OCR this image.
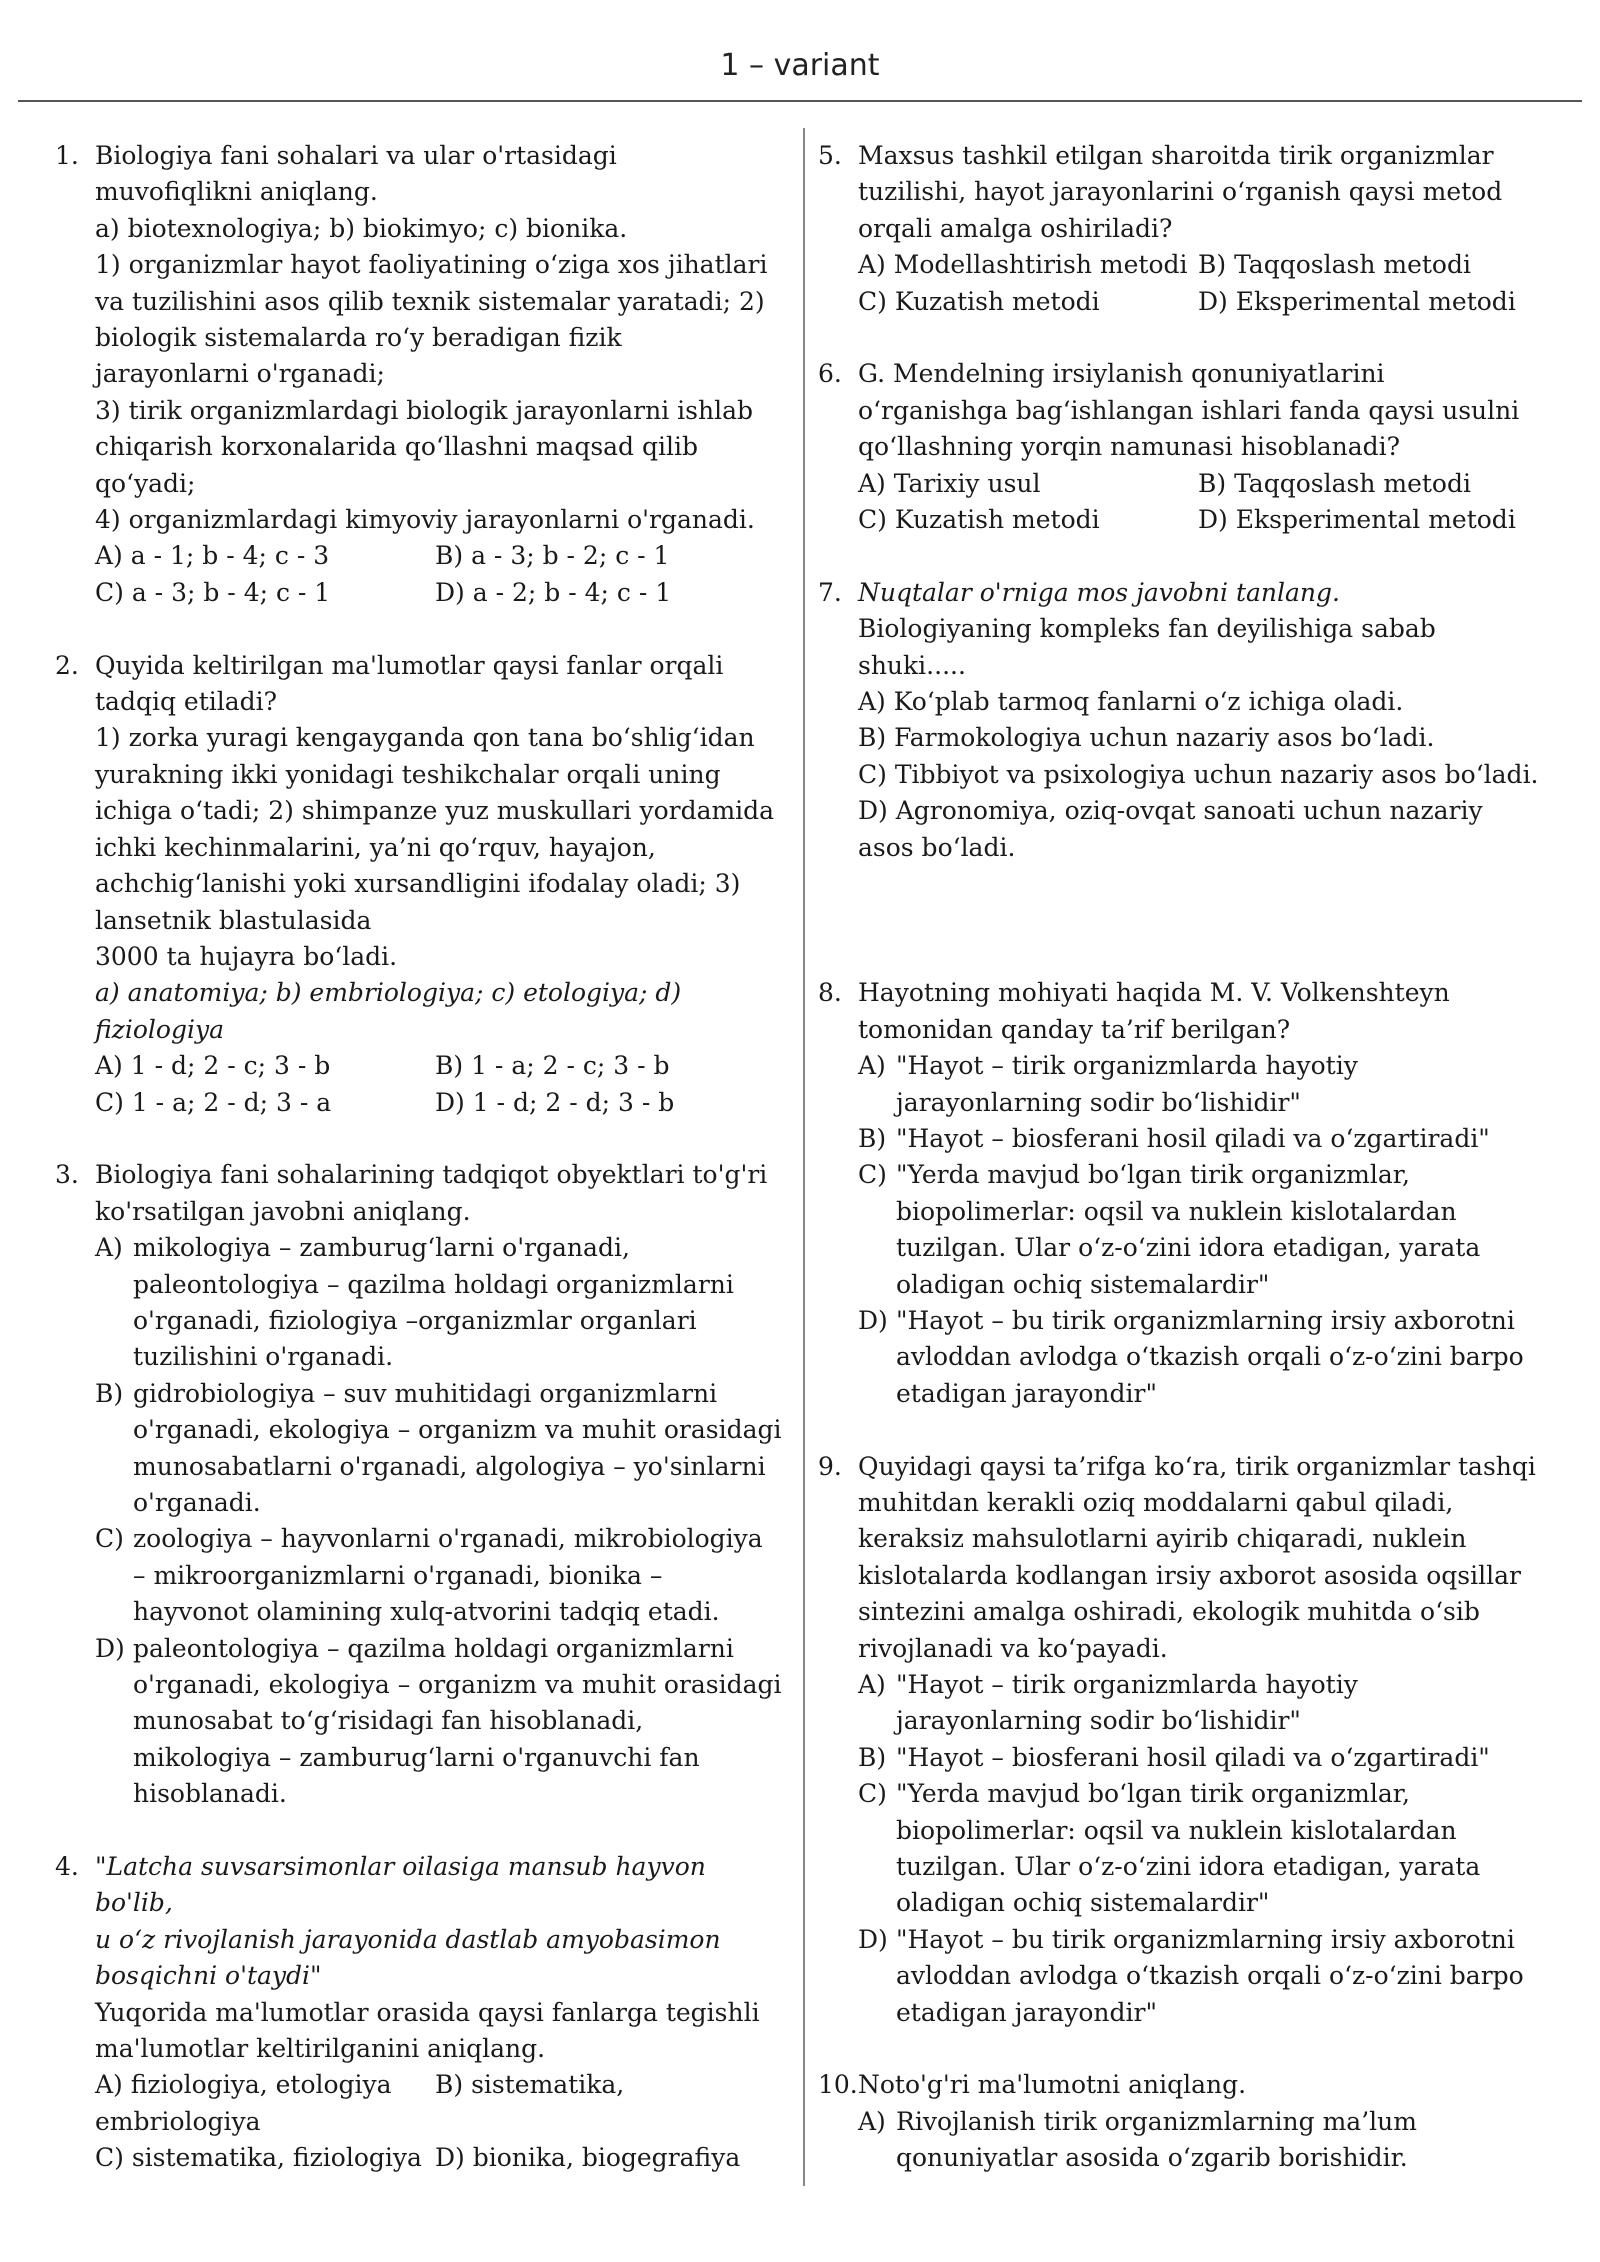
1 – variant
1. Biologiya fani sohalari va ular o'rtasidagi
muvofiqlikni aniqlang.
a) biotexnologiya; b) biokimyo; c) bionika.
1) organizmlar hayot faoliyatining o‘ziga xos jihatlari
va tuzilishini asos qilib texnik sistemalar yaratadi; 2)
biologik sistemalarda ro‘y beradigan fizik
jarayonlarni o'rganadi;
3) tirik organizmlardagi biologik jarayonlarni ishlab
chiqarish korxonalarida qo‘llashni maqsad qilib
qo‘yadi;
4) organizmlardagi kimyoviy jarayonlarni o'rganadi.
A) a - 1; b - 4; c - 3	B) a - 3; b - 2; c - 1
C) a - 3; b - 4; c - 1	D) a - 2; b - 4; c - 1
2. Quyida keltirilgan ma'lumotlar qaysi fanlar orqali
tadqiq etiladi?
1) zorka yuragi kengayganda qon tana bo‘shlig‘idan
yurakning ikki yonidagi teshikchalar orqali uning
ichiga o‘tadi; 2) shimpanze yuz muskullari yordamida
ichki kechinmalarini, ya’ni qo‘rquv, hayajon,
achchig‘lanishi yoki xursandligini ifodalay oladi; 3)
lansetnik blastulasida
3000 ta hujayra bo‘ladi.
a) anatomiya; b) embriologiya; c) etologiya; d)
fiziologiya
A) 1 - d; 2 - c; 3 - b	B) 1 - a; 2 - c; 3 - b
C) 1 - a; 2 - d; 3 - a	D) 1 - d; 2 - d; 3 - b
3. Biologiya fani sohalarining tadqiqot obyektlari to'g'ri
ko'rsatilgan javobni aniqlang.
A) mikologiya – zamburug‘larni o'rganadi,
paleontologiya – qazilma holdagi organizmlarni
o'rganadi, fiziologiya –organizmlar organlari
tuzilishini o'rganadi.
B) gidrobiologiya – suv muhitidagi organizmlarni
o'rganadi, ekologiya – organizm va muhit orasidagi
munosabatlarni o'rganadi, algologiya – yo'sinlarni
o'rganadi.
C) zoologiya – hayvonlarni o'rganadi, mikrobiologiya
– mikroorganizmlarni o'rganadi, bionika –
hayvonot olamining xulq-atvorini tadqiq etadi.
D) paleontologiya – qazilma holdagi organizmlarni
o'rganadi, ekologiya – organizm va muhit orasidagi
munosabat to‘g‘risidagi fan hisoblanadi,
mikologiya – zamburug‘larni o'rganuvchi fan
hisoblanadi.
4. "Latcha suvsarsimonlar oilasiga mansub hayvon bo'lib,
u o‘z rivojlanish jarayonida dastlab amyobasimon
bosqichni o'taydi"
Yuqorida ma'lumotlar orasida qaysi fanlarga tegishli
ma'lumotlar keltirilganini aniqlang.
A) fiziologiya, etologiya	B) sistematika,
embriologiya
C) sistematika, fiziologiya D) bionika, biogegrafiya
5. Maxsus tashkil etilgan sharoitda tirik organizmlar
tuzilishi, hayot jarayonlarini o‘rganish qaysi metod
orqali amalga oshiriladi?
A) Modellashtirish metodi B) Taqqoslash metodi
C) Kuzatish metodi	D) Eksperimental metodi
6. G. Mendelning irsiylanish qonuniyatlarini
o‘rganishga bag‘ishlangan ishlari fanda qaysi usulni
qo‘llashning yorqin namunasi hisoblanadi?
A) Tarixiy usul	B) Taqqoslash metodi
C) Kuzatish metodi	D) Eksperimental metodi
7. Nuqtalar o'rniga mos javobni tanlang.
Biologiyaning kompleks fan deyilishiga sabab
shuki.....
A) Ko‘plab tarmoq fanlarni o‘z ichiga oladi.
B) Farmokologiya uchun nazariy asos bo‘ladi.
C) Tibbiyot va psixologiya uchun nazariy asos bo‘ladi.
D) Agronomiya, oziq-ovqat sanoati uchun nazariy
asos bo‘ladi.
8. Hayotning mohiyati haqida M. V. Volkenshteyn
tomonidan qanday ta’rif berilgan?
A) "Hayot – tirik organizmlarda hayotiy
jarayonlarning sodir bo‘lishidir"
B) "Hayot – biosferani hosil qiladi va o‘zgartiradi"
C) "Yerda mavjud bo‘lgan tirik organizmlar,
biopolimerlar: oqsil va nuklein kislotalardan
tuzilgan. Ular o‘z-o‘zini idora etadigan, yarata
oladigan ochiq sistemalardir"
D) "Hayot – bu tirik organizmlarning irsiy axborotni
avloddan avlodga o‘tkazish orqali o‘z-o‘zini barpo
etadigan jarayondir"
9. Quyidagi qaysi ta’rifga ko‘ra, tirik organizmlar tashqi
muhitdan kerakli oziq moddalarni qabul qiladi,
keraksiz mahsulotlarni ayirib chiqaradi, nuklein
kislotalarda kodlangan irsiy axborot asosida oqsillar
sintezini amalga oshiradi, ekologik muhitda o‘sib
rivojlanadi va ko‘payadi.
A) "Hayot – tirik organizmlarda hayotiy
jarayonlarning sodir bo‘lishidir"
B) "Hayot – biosferani hosil qiladi va o‘zgartiradi"
C) "Yerda mavjud bo‘lgan tirik organizmlar,
biopolimerlar: oqsil va nuklein kislotalardan
tuzilgan. Ular o‘z-o‘zini idora etadigan, yarata
oladigan ochiq sistemalardir"
D) "Hayot – bu tirik organizmlarning irsiy axborotni
avloddan avlodga o‘tkazish orqali o‘z-o‘zini barpo
etadigan jarayondir"
10. Noto'g'ri ma'lumotni aniqlang.
A) Rivojlanish tirik organizmlarning ma’lum
qonuniyatlar asosida o‘zgarib borishidir.
